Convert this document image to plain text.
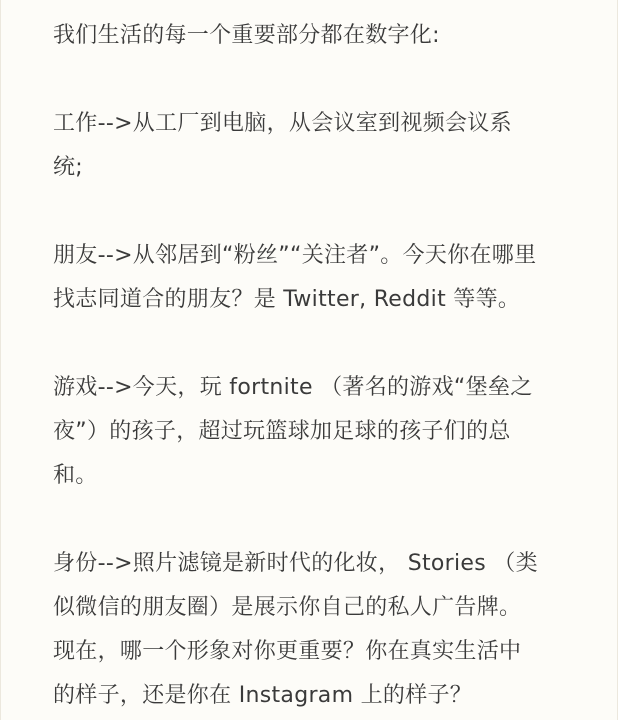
我们生活的每一个重要部分都在数字化:

工作-->从工厂到电脑，从会议室到视频会议系
统;

朋友-->从邻居到“粉丝”“关注者”。今天你在哪里
找志同道合的朋友？是 Twitter, Reddit 等等。

游戏-->今天，玩 fortnite （著名的游戏“堡垒之
夜”）的孩子，超过玩篮球加足球的孩子们的总
和。

身份-->照片滤镜是新时代的化妆， Stories （类
似微信的朋友圈）是展示你自己的私人广告牌。
现在，哪一个形象对你更重要？你在真实生活中
的样子，还是你在 Instagram 上的样子？
